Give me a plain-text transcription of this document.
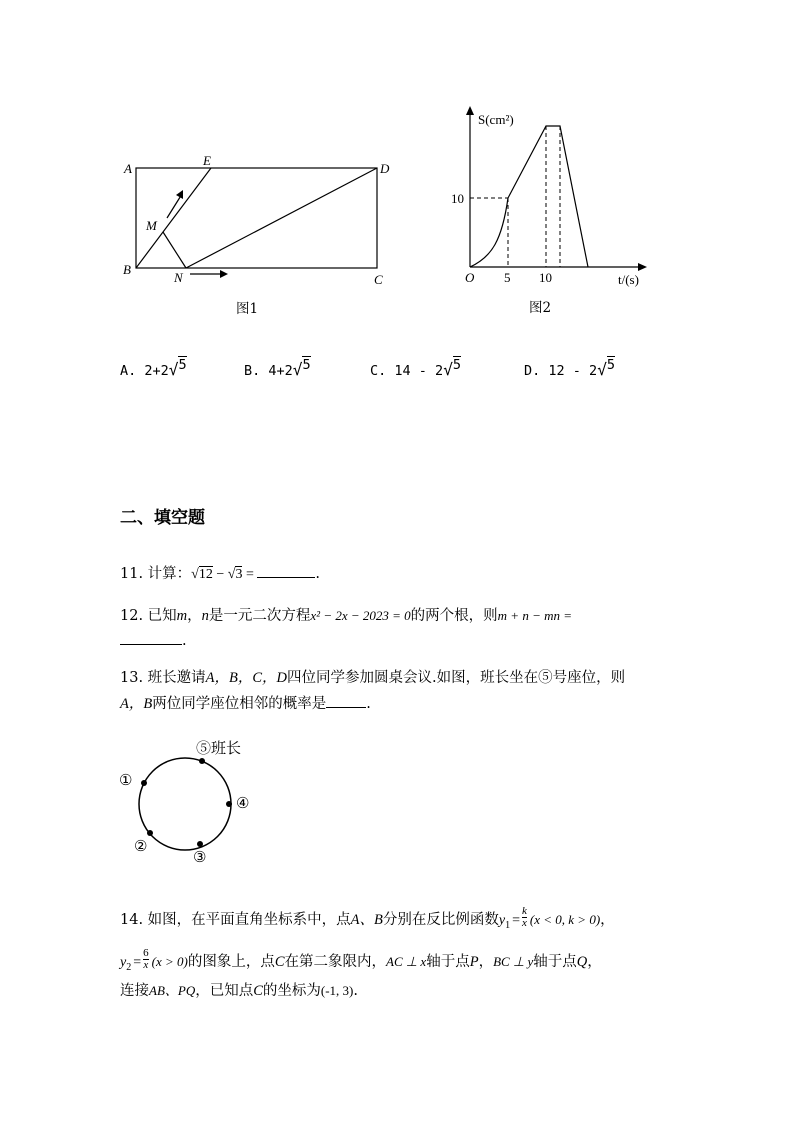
A
E
D
M
B
N	C
图1
S(cm²)
t/(s)
O
10
5 10
图2
A. 2+2√5	B. 4+2√5	C. 14 - 2√5	D. 12 - 2√5
二、填空题
11. 计算：√12 − √3 =	.
12. 已知m，n是一元二次方程x² − 2x − 2023 = 0的两个根，则m + n − mn =
.
13. 班长邀请A，B，C，D四位同学参加圆桌会议.如图，班长坐在⑤号座位，则
A，B两位同学座位相邻的概率是	.
①
②
③
④
⑤班长
14. 如图，在平面直角坐标系中，点A、B分别在反比例函数$y_1 = \frac{k}{x} (x < 0$, k > 0)，
$y_2 = \frac{6}{x} (x > 0)$的图象上，点C在第二象限内，AC ⊥ x轴于点P，BC ⊥ y轴于点Q，
连接AB、PQ，已知点C的坐标为(-1, 3).
